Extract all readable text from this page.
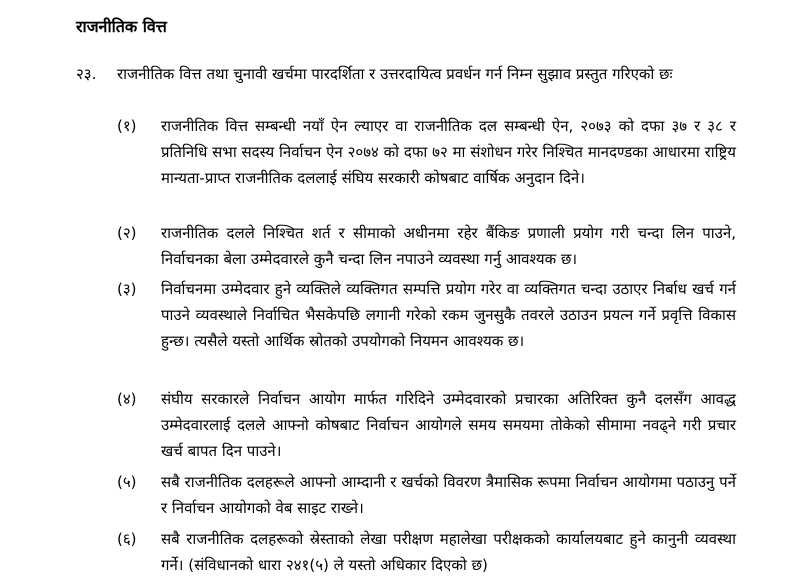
राजनीतिक वित्त
२३. राजनीतिक वित्त तथा चुनावी खर्चमा पारदर्शिता र उत्तरदायित्व प्रवर्धन गर्न निम्न सुझाव प्रस्तुत गरिएको छः
(१)	राजनीतिक वित्त सम्बन्धी नयाँ ऐन ल्याएर वा राजनीतिक दल सम्बन्धी ऐन, २०७३ को दफा ३७ र ३८ र प्रतिनिधि सभा सदस्य निर्वाचन ऐन २०७४ को दफा ७२ मा संशोधन गरेर निश्चित मानदण्डका आधारमा राष्ट्रिय मान्यता-प्राप्त राजनीतिक दललाई संघिय सरकारी कोषबाट वार्षिक अनुदान दिने।
(२)	राजनीतिक दलले निश्चित शर्त र सीमाको अधीनमा रहेर बैंकिङ प्रणाली प्रयोग गरी चन्दा लिन पाउने, निर्वाचनका बेला उम्मेदवारले कुनै चन्दा लिन नपाउने व्यवस्था गर्नु आवश्यक छ।
(३)	निर्वाचनमा उम्मेदवार हुने व्यक्तिले व्यक्तिगत सम्पत्ति प्रयोग गरेर वा व्यक्तिगत चन्दा उठाएर निर्बाध खर्च गर्न पाउने व्यवस्थाले निर्वाचित भैसकेपछि लगानी गरेको रकम जुनसुकै तवरले उठाउन प्रयत्न गर्ने प्रवृत्ति विकास हुन्छ। त्यसैले यस्तो आर्थिक स्रोतको उपयोगको नियमन आवश्यक छ।
(४)	संघीय सरकारले निर्वाचन आयोग मार्फत गरिदिने उम्मेदवारको प्रचारका अतिरिक्त कुनै दलसँग आवद्ध उम्मेदवारलाई दलले आफ्नो कोषबाट निर्वाचन आयोगले समय समयमा तोकेको सीमामा नवढ्ने गरी प्रचार खर्च बापत दिन पाउने।
(५)	सबै राजनीतिक दलहरूले आफ्नो आम्दानी र खर्चको विवरण त्रैमासिक रूपमा निर्वाचन आयोगमा पठाउनु पर्ने र निर्वाचन आयोगको वेब साइट राख्ने।
(६)	सबै राजनीतिक दलहरूको स्रेस्ताको लेखा परीक्षण महालेखा परीक्षकको कार्यालयबाट हुने कानुनी व्यवस्था गर्ने। (संविधानको धारा २४१(५) ले यस्तो अधिकार दिएको छ)
